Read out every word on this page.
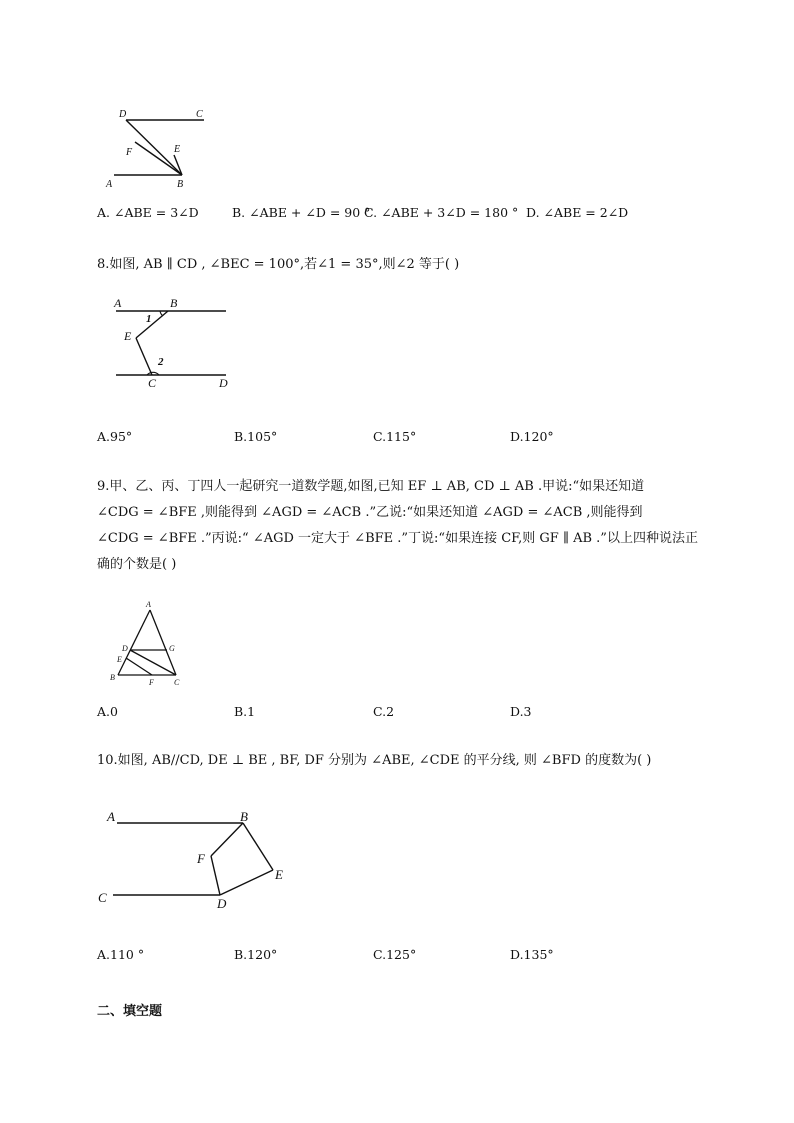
D	C
F	E
A	B
A. ∠ABE = 3∠D	B. ∠ABE + ∠D = 90 °
C. ∠ABE + 3∠D = 180 ° D. ∠ABE = 2∠D
8.如图, AB ∥ CD , ∠BEC = 100°,若∠1 = 35°,则∠2 等于( )
A	B
E
C	D
1
2
A.95°	B.105°	C.115°	D.120°
9.甲、乙、丙、丁四人一起研究一道数学题,如图,已知 EF ⊥ AB, CD ⊥ AB .甲说:“如果还知道
∠CDG = ∠BFE ,则能得到 ∠AGD = ∠ACB .”乙说:“如果还知道 ∠AGD = ∠ACB ,则能得到
∠CDG = ∠BFE .”丙说:“ ∠AGD 一定大于 ∠BFE .”丁说:“如果连接 CF,则 GF ∥ AB .”以上四种说法正
确的个数是( )
A
D	G
E
B
F	C
A.0	B.1	C.2	D.3
10.如图, AB//CD, DE ⊥ BE , BF, DF 分别为 ∠ABE, ∠CDE 的平分线, 则 ∠BFD 的度数为( )
A	B
F
E
C	D
A.110 °	B.120°	C.125°	D.135°
二、填空题
